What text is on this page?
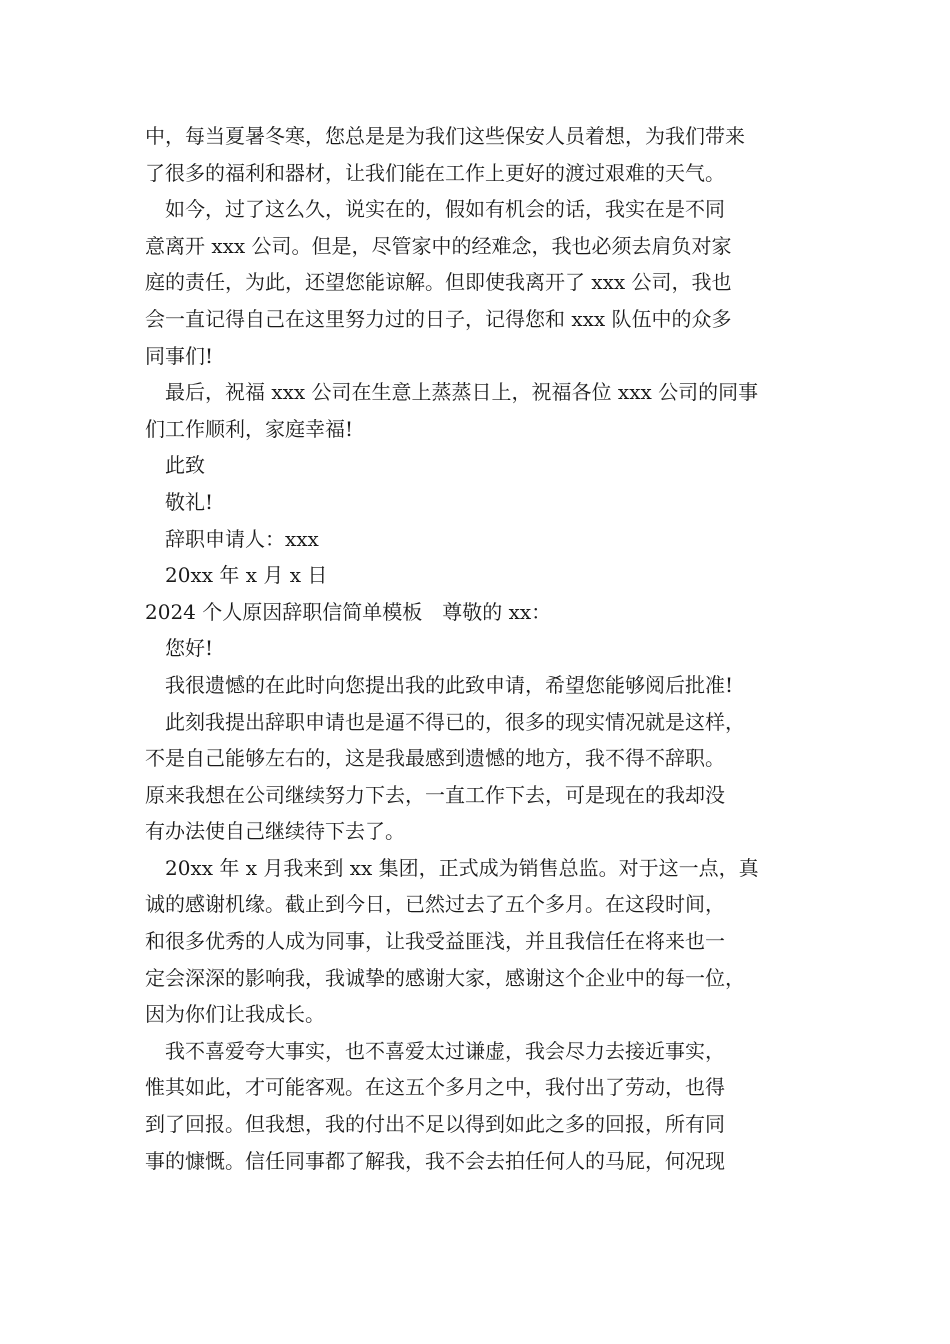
中，每当夏暑冬寒，您总是是为我们这些保安人员着想，为我们带来
了很多的福利和器材，让我们能在工作上更好的渡过艰难的天气。
如今，过了这么久，说实在的，假如有机会的话，我实在是不同
意离开 xxx 公司。但是，尽管家中的经难念，我也必须去肩负对家
庭的责任，为此，还望您能谅解。但即使我离开了 xxx 公司，我也
会一直记得自己在这里努力过的日子，记得您和 xxx 队伍中的众多
同事们!
最后，祝福 xxx 公司在生意上蒸蒸日上，祝福各位 xxx 公司的同事
们工作顺利，家庭幸福!
此致
敬礼!
辞职申请人：xxx
20xx 年 x 月 x 日
2024 个人原因辞职信简单模板　尊敬的 xx：
您好!
我很遗憾的在此时向您提出我的此致申请，希望您能够阅后批准!
此刻我提出辞职申请也是逼不得已的，很多的现实情况就是这样，
不是自己能够左右的，这是我最感到遗憾的地方，我不得不辞职。
原来我想在公司继续努力下去，一直工作下去，可是现在的我却没
有办法使自己继续待下去了。
20xx 年 x 月我来到 xx 集团，正式成为销售总监。对于这一点，真
诚的感谢机缘。截止到今日，已然过去了五个多月。在这段时间，
和很多优秀的人成为同事，让我受益匪浅，并且我信任在将来也一
定会深深的影响我，我诚挚的感谢大家，感谢这个企业中的每一位，
因为你们让我成长。
我不喜爱夸大事实，也不喜爱太过谦虚，我会尽力去接近事实，
惟其如此，才可能客观。在这五个多月之中，我付出了劳动，也得
到了回报。但我想，我的付出不足以得到如此之多的回报，所有同
事的慷慨。信任同事都了解我，我不会去拍任何人的马屁，何况现
